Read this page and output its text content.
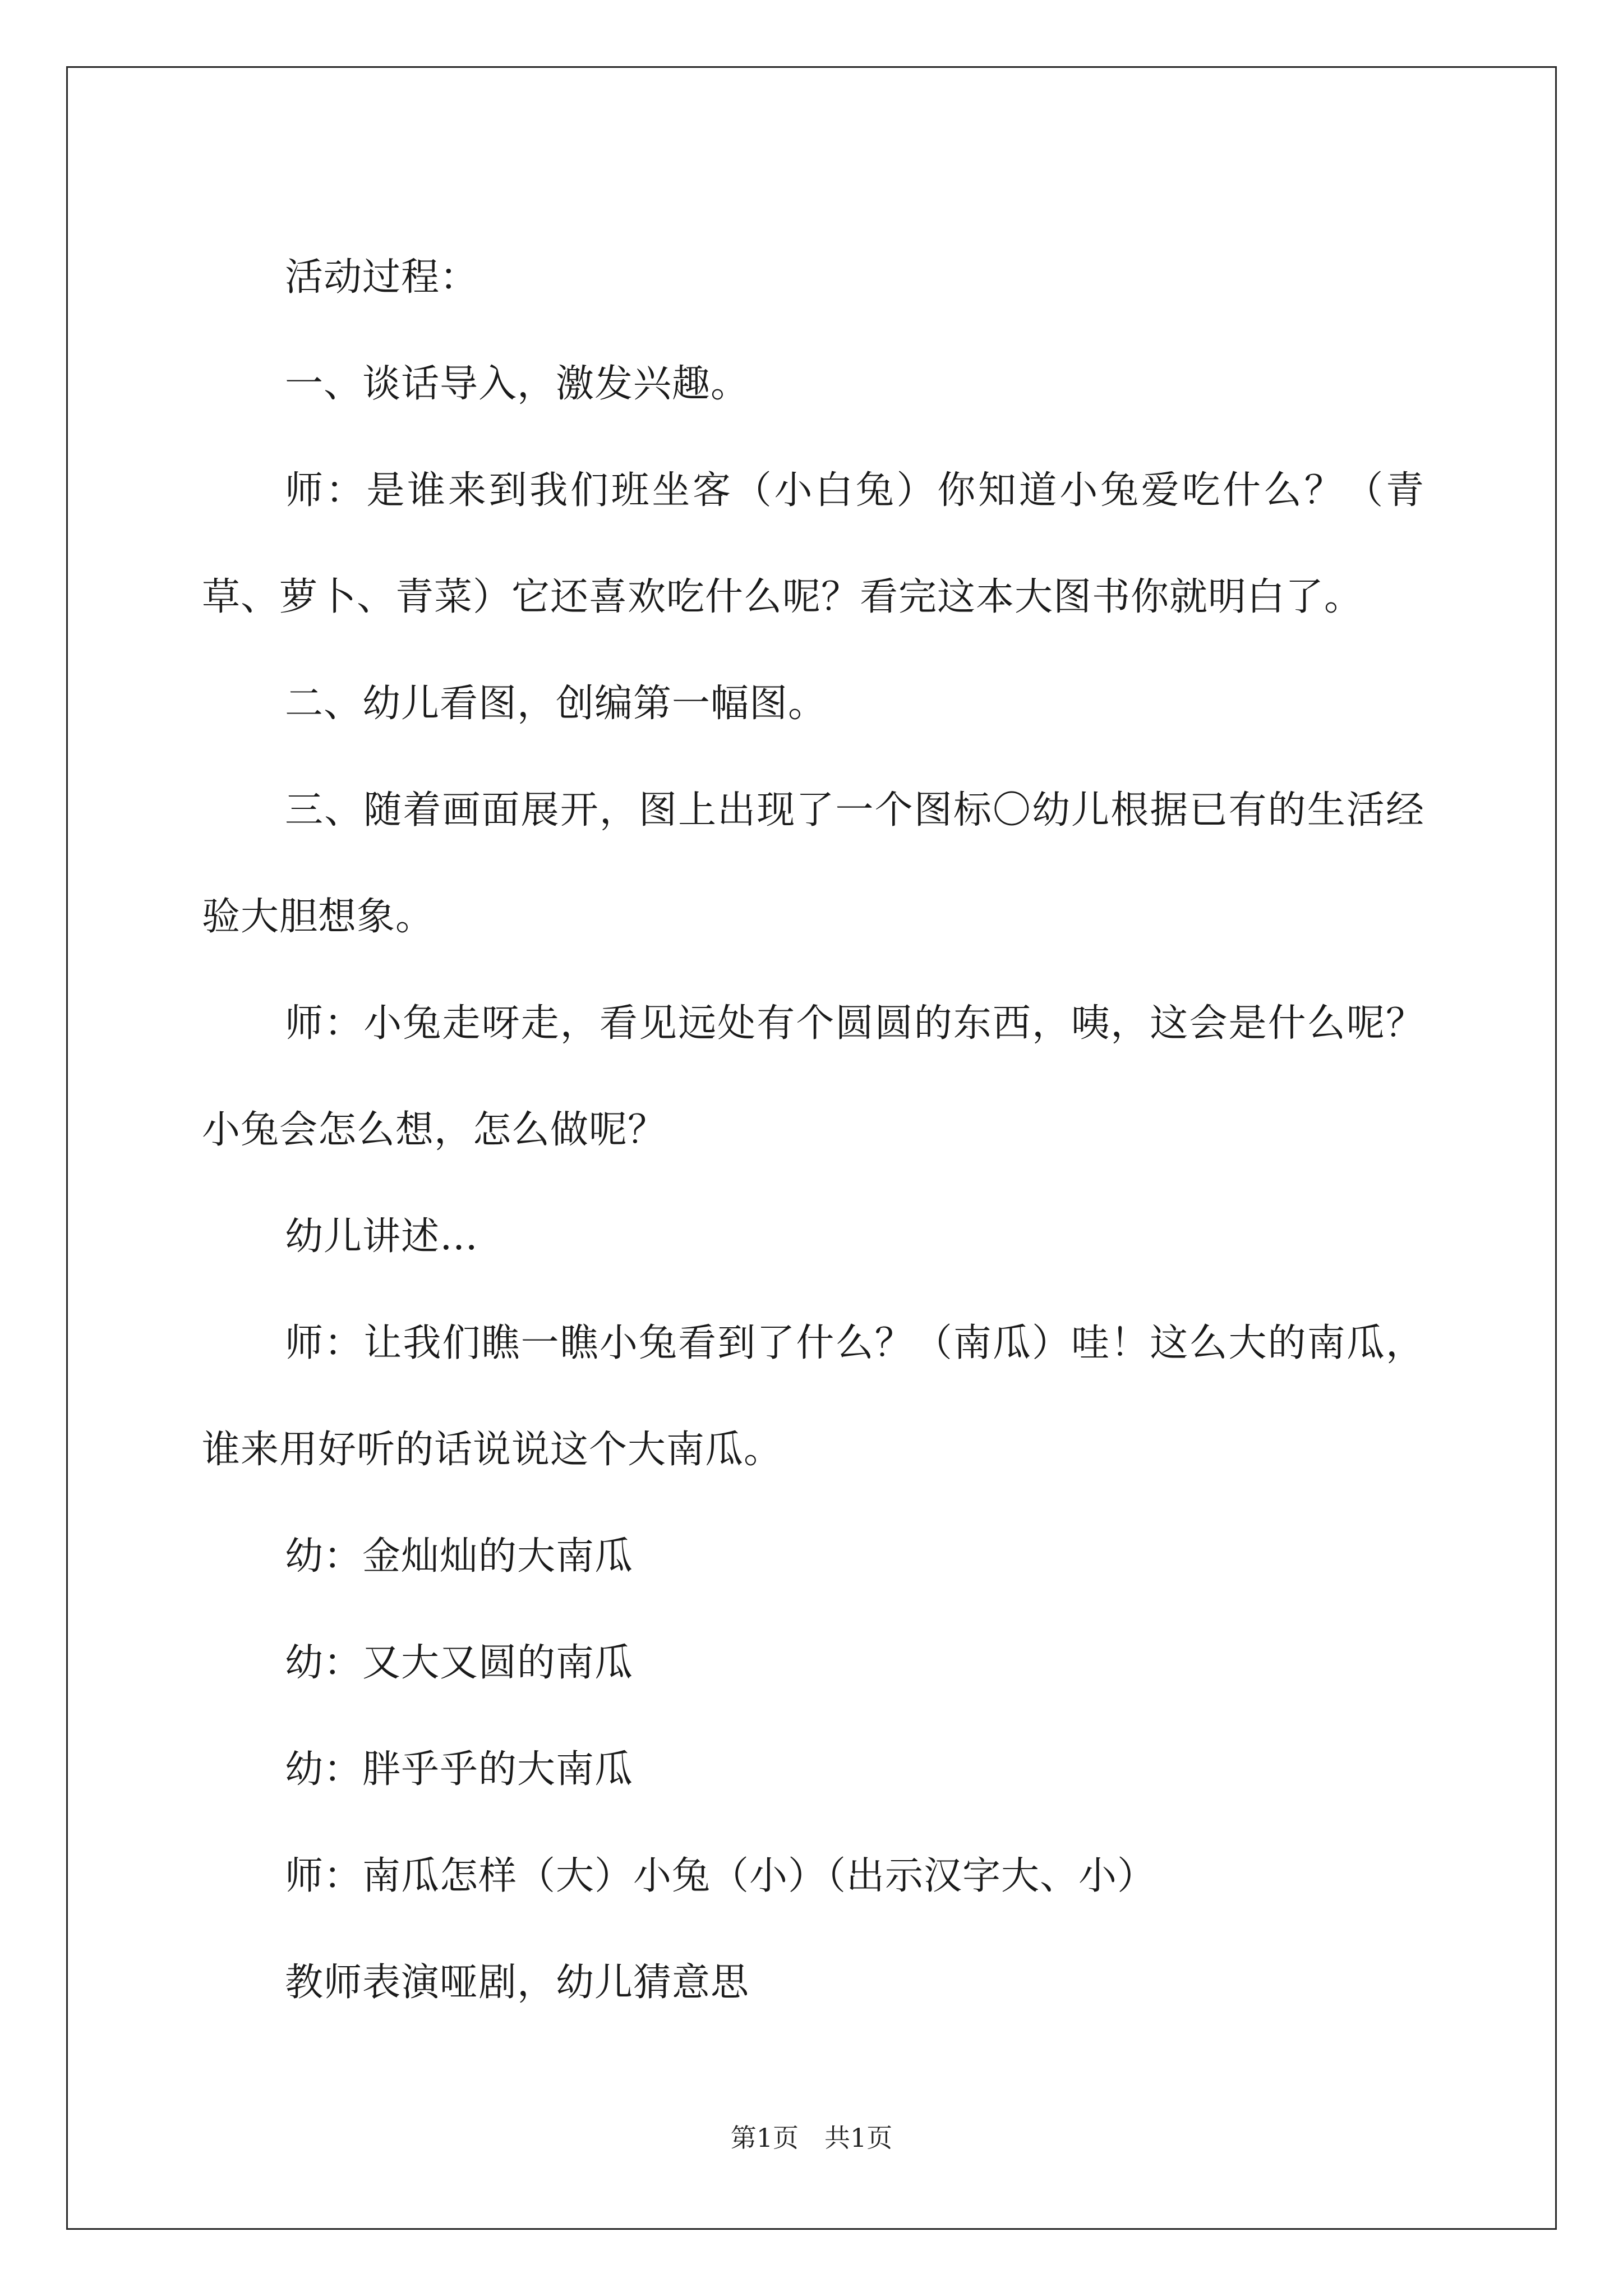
活动过程：

一、谈话导入，激发兴趣。

师：是谁来到我们班坐客（小白兔）你知道小兔爱吃什么？（青草、萝卜、青菜）它还喜欢吃什么呢？看完这本大图书你就明白了。

二、幼儿看图，创编第一幅图。

三、随着画面展开，图上出现了一个图标〇幼儿根据已有的生活经验大胆想象。

师：小兔走呀走，看见远处有个圆圆的东西，咦，这会是什么呢？小兔会怎么想，怎么做呢？

幼儿讲述…

师：让我们瞧一瞧小兔看到了什么？（南瓜）哇！这么大的南瓜，谁来用好听的话说说这个大南瓜。

幼：金灿灿的大南瓜

幼：又大又圆的南瓜

幼：胖乎乎的大南瓜

师：南瓜怎样（大）小兔（小）（出示汉字大、小）

教师表演哑剧，幼儿猜意思

第1页　共1页
